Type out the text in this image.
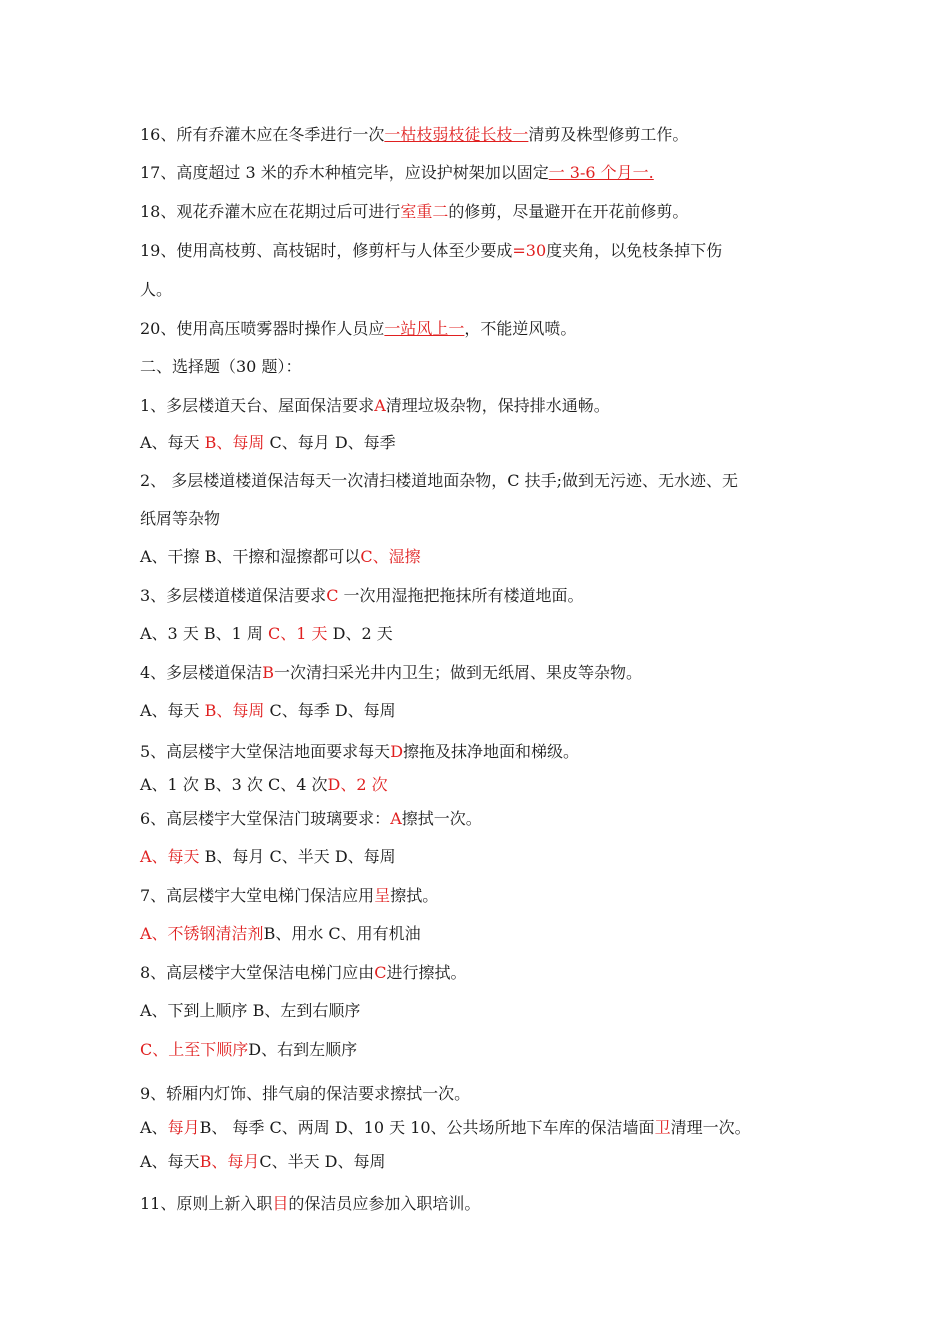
16、所有乔灌木应在冬季进行一次一枯枝弱枝徒长枝一清剪及株型修剪工作。
17、高度超过 3 米的乔木种植完毕，应设护树架加以固定一 3-6 个月一.
18、观花乔灌木应在花期过后可进行室重二的修剪，尽量避开在开花前修剪。
19、使用高枝剪、高枝锯时，修剪杆与人体至少要成=30度夹角，以免枝条掉下伤
人。
20、使用高压喷雾器时操作人员应一站风上一，不能逆风喷。
二、选择题（30 题）：
1、多层楼道天台、屋面保洁要求A清理垃圾杂物，保持排水通畅。
A、每天 B、每周 C、每月 D、每季
2、 多层楼道楼道保洁每天一次清扫楼道地面杂物，C 扶手;做到无污迹、无水迹、无
纸屑等杂物
A、干擦 B、干擦和湿擦都可以C、湿擦
3、多层楼道楼道保洁要求C 一次用湿拖把拖抹所有楼道地面。
A、3 天 B、1 周 C、1 天 D、2 天
4、多层楼道保洁B一次清扫采光井内卫生；做到无纸屑、果皮等杂物。
A、每天 B、每周 C、每季 D、每周
5、高层楼宇大堂保洁地面要求每天D擦拖及抹净地面和梯级。
A、1 次 B、3 次 C、4 次D、2 次
6、高层楼宇大堂保洁门玻璃要求：A擦拭一次。
A、每天 B、每月 C、半天 D、每周
7、高层楼宇大堂电梯门保洁应用呈擦拭。
A、不锈钢清洁剂B、用水 C、用有机油
8、高层楼宇大堂保洁电梯门应由C进行擦拭。
A、下到上顺序 B、左到右顺序
C、上至下顺序D、右到左顺序
9、轿厢内灯饰、排气扇的保洁要求擦拭一次。
A、每月B、 每季 C、两周 D、10 天 10、公共场所地下车库的保洁墙面卫清理一次。
A、每天B、每月C、半天 D、每周
11、原则上新入职目的保洁员应参加入职培训。
